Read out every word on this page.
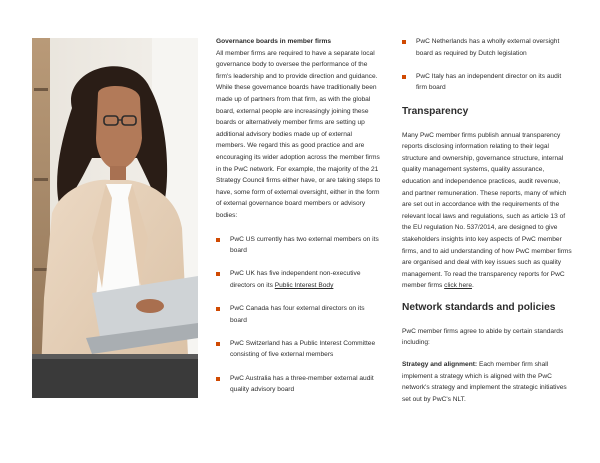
Governance boards in member firms

All member firms are required to have a separate local governance body to oversee the performance of the firm's leadership and to provide direction and guidance. While these governance boards have traditionally been made up of partners from that firm, as with the global board, external people are increasingly joining these boards or alternatively member firms are setting up additional advisory bodies made up of external members. We regard this as good practice and are encouraging its wider adoption across the member firms in the PwC network. For example, the majority of the 21 Strategy Council firms either have, or are taking steps to have, some form of external oversight, either in the form of external governance board members or advisory bodies:

PwC US currently has two external members on its board
PwC UK has five independent non-executive directors on its Public Interest Body
PwC Canada has four external directors on its board
PwC Switzerland has a Public Interest Committee consisting of five external members
PwC Australia has a three-member external audit quality advisory board
PwC Netherlands has a wholly external oversight board as required by Dutch legislation
PwC Italy has an independent director on its audit firm board
Transparency

Many PwC member firms publish annual transparency reports disclosing information relating to their legal structure and ownership, governance structure, internal quality management systems, quality assurance, education and independence practices, audit revenue, and partner remuneration. These reports, many of which are set out in accordance with the requirements of the relevant local laws and regulations, such as article 13 of the EU regulation No. 537/2014, are designed to give stakeholders insights into key aspects of PwC member firms, and to aid understanding of how PwC member firms are organised and deal with key issues such as quality management. To read the transparency reports for PwC member firms click here.

Network standards and policies

PwC member firms agree to abide by certain standards including:

Strategy and alignment: Each member firm shall implement a strategy which is aligned with the PwC network's strategy and implement the strategic initiatives set out by PwC's NLT.
